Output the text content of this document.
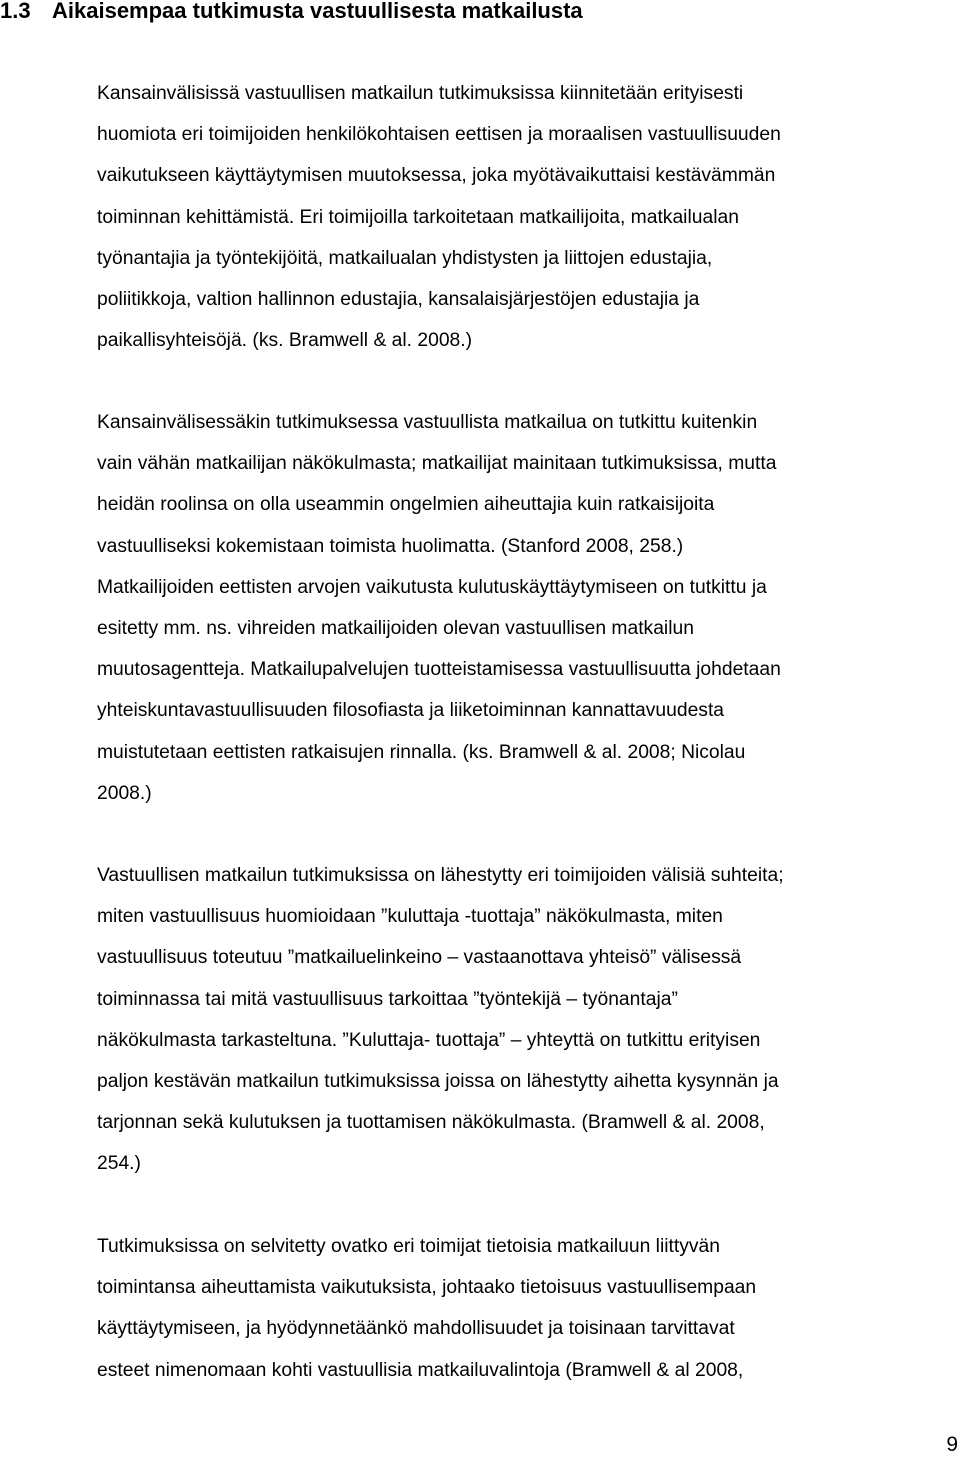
1.3 Aikaisempaa tutkimusta vastuullisesta matkailusta
Kansainvälisissä vastuullisen matkailun tutkimuksissa kiinnitetään erityisesti
huomiota eri toimijoiden henkilökohtaisen eettisen ja moraalisen vastuullisuuden
vaikutukseen käyttäytymisen muutoksessa, joka myötävaikuttaisi kestävämmän
toiminnan kehittämistä. Eri toimijoilla tarkoitetaan matkailijoita, matkailualan
työnantajia ja työntekijöitä, matkailualan yhdistysten ja liittojen edustajia,
poliitikkoja, valtion hallinnon edustajia, kansalaisjärjestöjen edustajia ja
paikallisyhteisöjä. (ks. Bramwell & al. 2008.)
Kansainvälisessäkin tutkimuksessa vastuullista matkailua on tutkittu kuitenkin
vain vähän matkailijan näkökulmasta; matkailijat mainitaan tutkimuksissa, mutta
heidän roolinsa on olla useammin ongelmien aiheuttajia kuin ratkaisijoita
vastuulliseksi kokemistaan toimista huolimatta. (Stanford 2008, 258.)
Matkailijoiden eettisten arvojen vaikutusta kulutuskäyttäytymiseen on tutkittu ja
esitetty mm. ns. vihreiden matkailijoiden olevan vastuullisen matkailun
muutosagentteja. Matkailupalvelujen tuotteistamisessa vastuullisuutta johdetaan
yhteiskuntavastuullisuuden filosofiasta ja liiketoiminnan kannattavuudesta
muistutetaan eettisten ratkaisujen rinnalla. (ks. Bramwell & al. 2008; Nicolau
2008.)
Vastuullisen matkailun tutkimuksissa on lähestytty eri toimijoiden välisiä suhteita;
miten vastuullisuus huomioidaan ”kuluttaja -tuottaja” näkökulmasta, miten
vastuullisuus toteutuu ”matkailuelinkeino – vastaanottava yhteisö” välisessä
toiminnassa tai mitä vastuullisuus tarkoittaa ”työntekijä – työnantaja”
näkökulmasta tarkasteltuna. ”Kuluttaja- tuottaja” – yhteyttä on tutkittu erityisen
paljon kestävän matkailun tutkimuksissa joissa on lähestytty aihetta kysynnän ja
tarjonnan sekä kulutuksen ja tuottamisen näkökulmasta. (Bramwell & al. 2008,
254.)
Tutkimuksissa on selvitetty ovatko eri toimijat tietoisia matkailuun liittyvän
toimintansa aiheuttamista vaikutuksista, johtaako tietoisuus vastuullisempaan
käyttäytymiseen, ja hyödynnetäänkö mahdollisuudet ja toisinaan tarvittavat
esteet nimenomaan kohti vastuullisia matkailuvalintoja (Bramwell & al 2008,
9
